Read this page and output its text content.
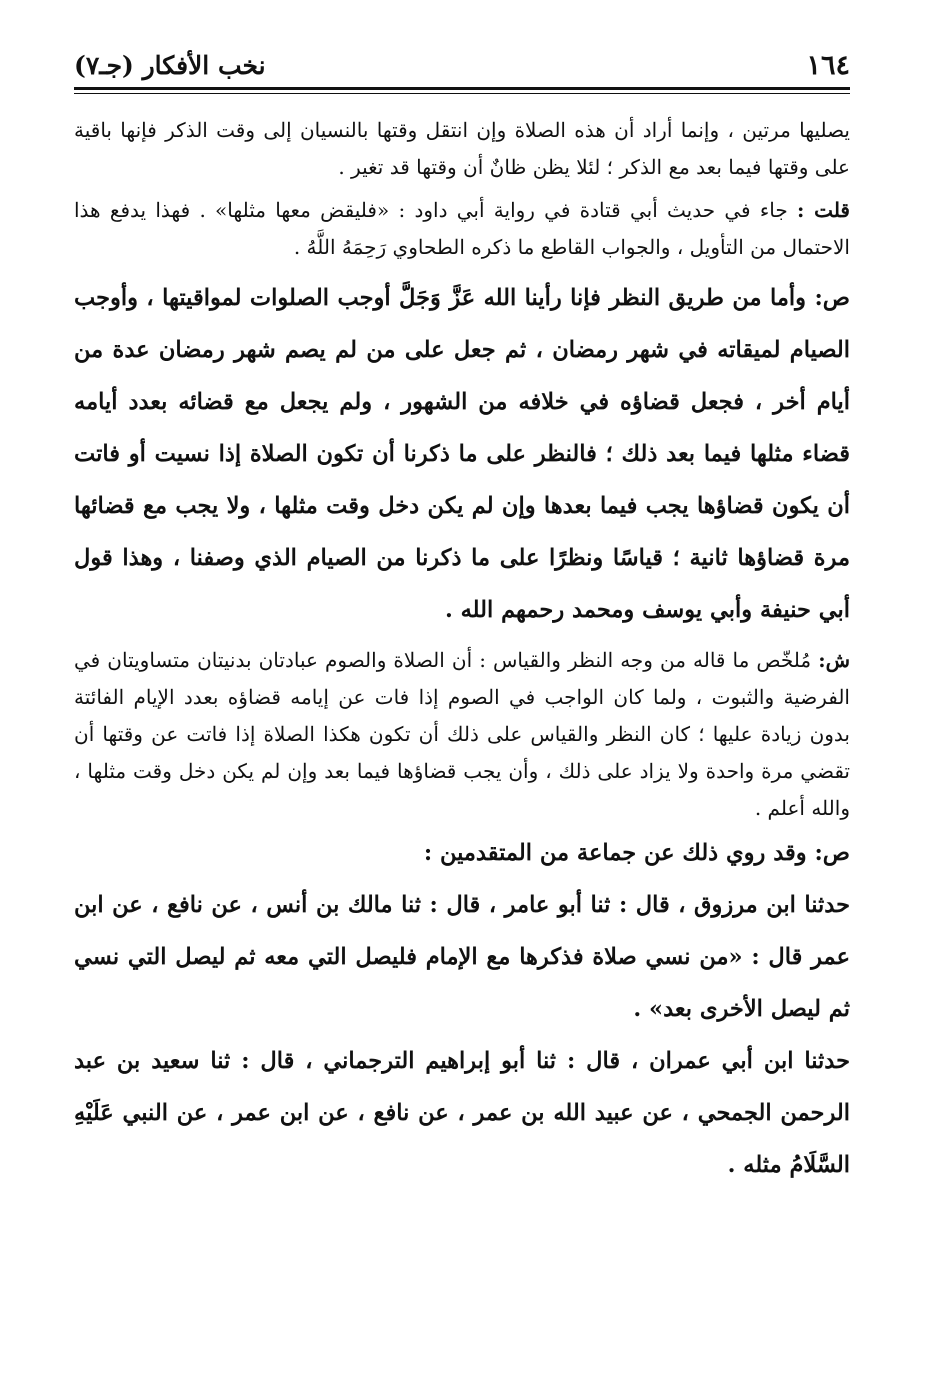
١٦٤
نخب الأفكار (جـ٧)

يصليها مرتين ، وإنما أراد أن هذه الصلاة وإن انتقل وقتها بالنسيان إلى وقت الذكر فإنها باقية على وقتها فيما بعد مع الذكر ؛ لئلا يظن ظانٌ أن وقتها قد تغير .

قلت : جاء في حديث أبي قتادة في رواية أبي داود : «فليقض معها مثلها» . فهذا يدفع هذا الاحتمال من التأويل ، والجواب القاطع ما ذكره الطحاوي رَحِمَهُ اللَّهُ .

ص: وأما من طريق النظر فإنا رأينا الله عَزَّ وَجَلَّ أوجب الصلوات لمواقيتها ، وأوجب الصيام لميقاته في شهر رمضان ، ثم جعل على من لم يصم شهر رمضان عدة من أيام أخر ، فجعل قضاؤه في خلافه من الشهور ، ولم يجعل مع قضائه بعدد أيامه قضاء مثلها فيما بعد ذلك ؛ فالنظر على ما ذكرنا أن تكون الصلاة إذا نسيت أو فاتت أن يكون قضاؤها يجب فيما بعدها وإن لم يكن دخل وقت مثلها ، ولا يجب مع قضائها مرة قضاؤها ثانية ؛ قياسًا ونظرًا على ما ذكرنا من الصيام الذي وصفنا ، وهذا قول أبي حنيفة وأبي يوسف ومحمد رحمهم الله .

ش: مُلخّص ما قاله من وجه النظر والقياس : أن الصلاة والصوم عبادتان بدنيتان متساويتان في الفرضية والثبوت ، ولما كان الواجب في الصوم إذا فات عن إيامه قضاؤه بعدد الإيام الفائتة بدون زيادة عليها ؛ كان النظر والقياس على ذلك أن تكون هكذا الصلاة إذا فاتت عن وقتها أن تقضي مرة واحدة ولا يزاد على ذلك ، وأن يجب قضاؤها فيما بعد وإن لم يكن دخل وقت مثلها ، والله أعلم .

ص: وقد روي ذلك عن جماعة من المتقدمين :

حدثنا ابن مرزوق ، قال : ثنا أبو عامر ، قال : ثنا مالك بن أنس ، عن نافع ، عن ابن عمر قال : «من نسي صلاة فذكرها مع الإمام فليصل التي معه ثم ليصل التي نسي ثم ليصل الأخرى بعد» .

حدثنا ابن أبي عمران ، قال : ثنا أبو إبراهيم الترجماني ، قال : ثنا سعيد بن عبد الرحمن الجمحي ، عن عبيد الله بن عمر ، عن نافع ، عن ابن عمر ، عن النبي عَلَيْهِ السَّلَامُ مثله .
